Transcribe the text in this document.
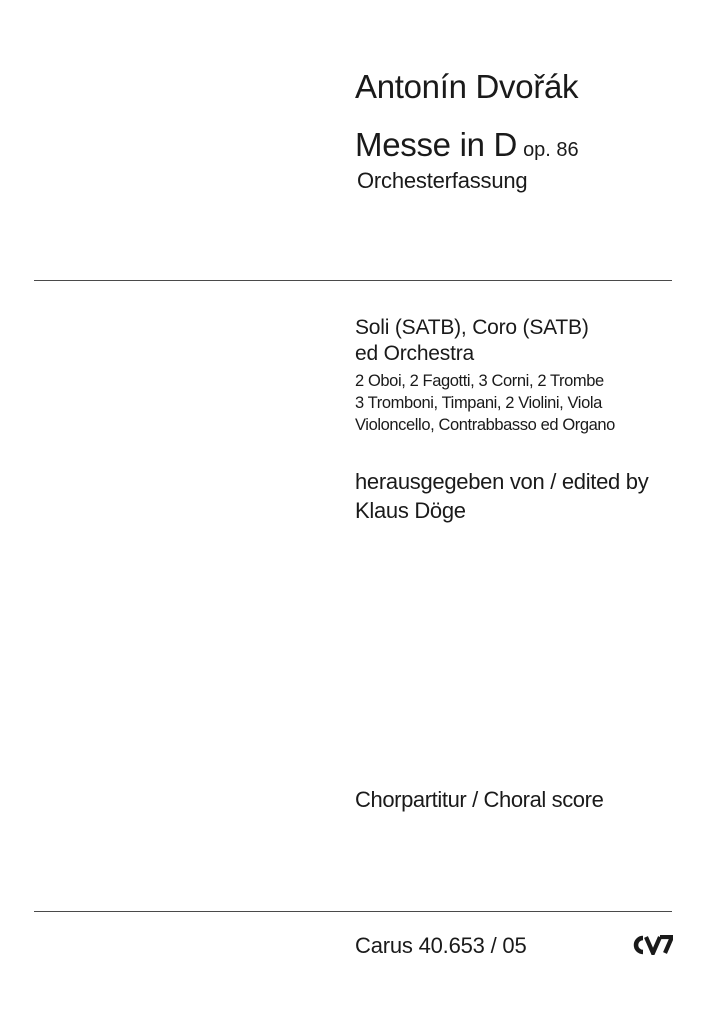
Antonín Dvořák
Messe in D op. 86
Orchesterfassung
Soli (SATB), Coro (SATB)
ed Orchestra
2 Oboi, 2 Fagotti, 3 Corni, 2 Trombe
3 Tromboni, Timpani, 2 Violini, Viola
Violoncello, Contrabbasso ed Organo
herausgegeben von / edited by
Klaus Döge
Chorpartitur / Choral score
Carus 40.653 / 05
